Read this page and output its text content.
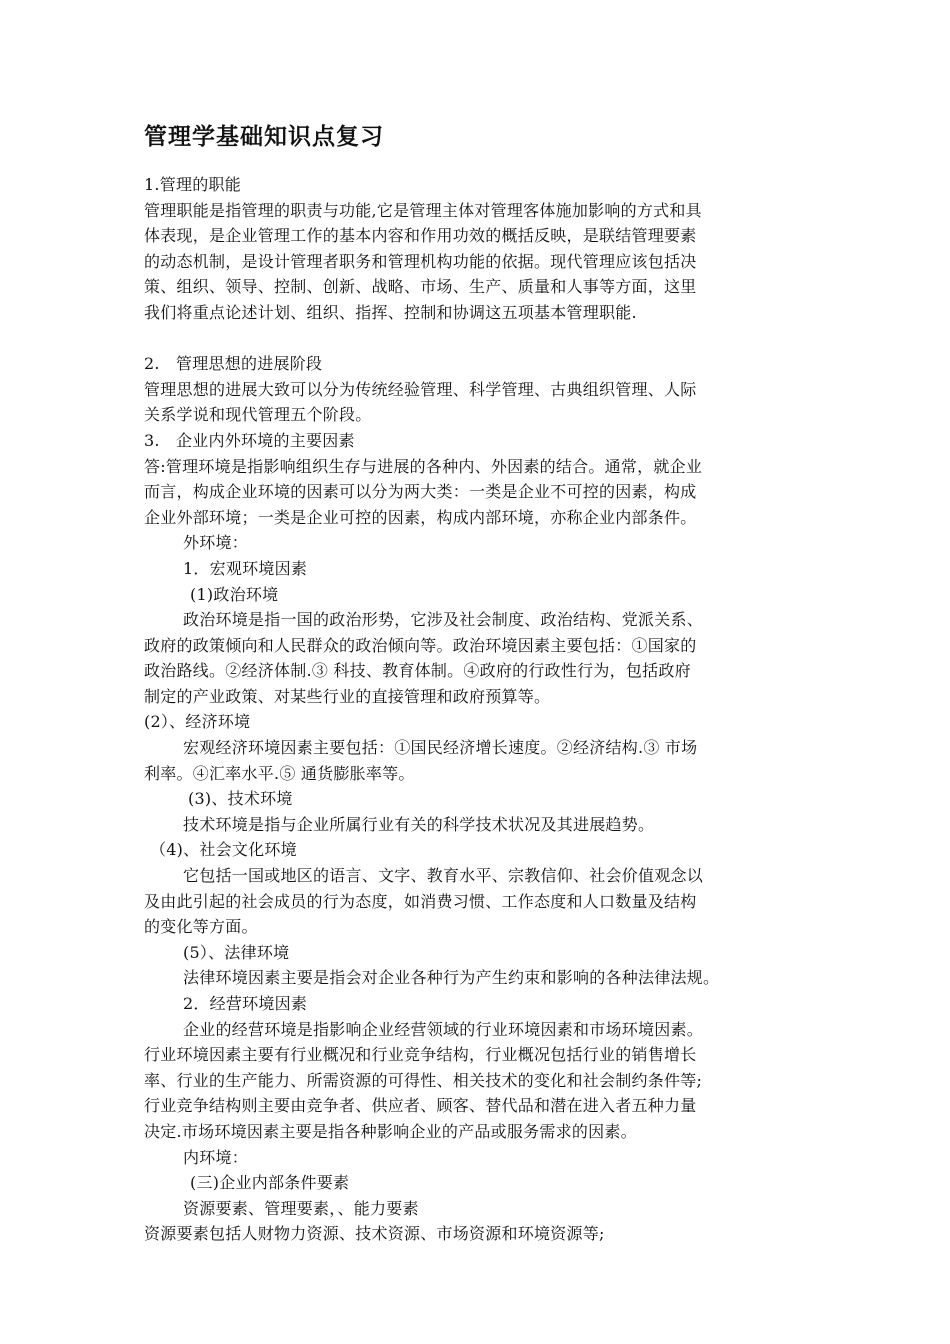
管理学基础知识点复习
1.管理的职能
管理职能是指管理的职责与功能,它是管理主体对管理客体施加影响的方式和具
体表现，是企业管理工作的基本内容和作用功效的概括反映，是联结管理要素
的动态机制，是设计管理者职务和管理机构功能的依据。现代管理应该包括决
策、组织、领导、控制、创新、战略、市场、生产、质量和人事等方面，这里
我们将重点论述计划、组织、指挥、控制和协调这五项基本管理职能.
2.　管理思想的进展阶段
管理思想的进展大致可以分为传统经验管理、科学管理、古典组织管理、人际
关系学说和现代管理五个阶段。
3.　企业内外环境的主要因素
答:管理环境是指影响组织生存与进展的各种内、外因素的结合。通常，就企业
而言，构成企业环境的因素可以分为两大类：一类是企业不可控的因素，构成
企业外部环境；一类是企业可控的因素，构成内部环境，亦称企业内部条件。
外环境：
1．宏观环境因素
(1)政治环境
政治环境是指一国的政治形势，它涉及社会制度、政治结构、党派关系、
政府的政策倾向和人民群众的政治倾向等。政治环境因素主要包括：①国家的
政治路线。②经济体制.③ 科技、教育体制。④政府的行政性行为，包括政府
制定的产业政策、对某些行业的直接管理和政府预算等。
(2）、经济环境
宏观经济环境因素主要包括：①国民经济增长速度。②经济结构.③ 市场
利率。④汇率水平.⑤ 通货膨胀率等。
(3)、技术环境
技术环境是指与企业所属行业有关的科学技术状况及其进展趋势。
（4)、社会文化环境
它包括一国或地区的语言、文字、教育水平、宗教信仰、社会价值观念以
及由此引起的社会成员的行为态度，如消费习惯、工作态度和人口数量及结构
的变化等方面。
(5）、法律环境
法律环境因素主要是指会对企业各种行为产生约束和影响的各种法律法规。
2．经营环境因素
企业的经营环境是指影响企业经营领域的行业环境因素和市场环境因素。
行业环境因素主要有行业概况和行业竞争结构，行业概况包括行业的销售增长
率、行业的生产能力、所需资源的可得性、相关技术的变化和社会制约条件等;
行业竞争结构则主要由竞争者、供应者、顾客、替代品和潜在进入者五种力量
决定.市场环境因素主要是指各种影响企业的产品或服务需求的因素。
内环境：
(三)企业内部条件要素
资源要素、管理要素，、能力要素
资源要素包括人财物力资源、技术资源、市场资源和环境资源等;
